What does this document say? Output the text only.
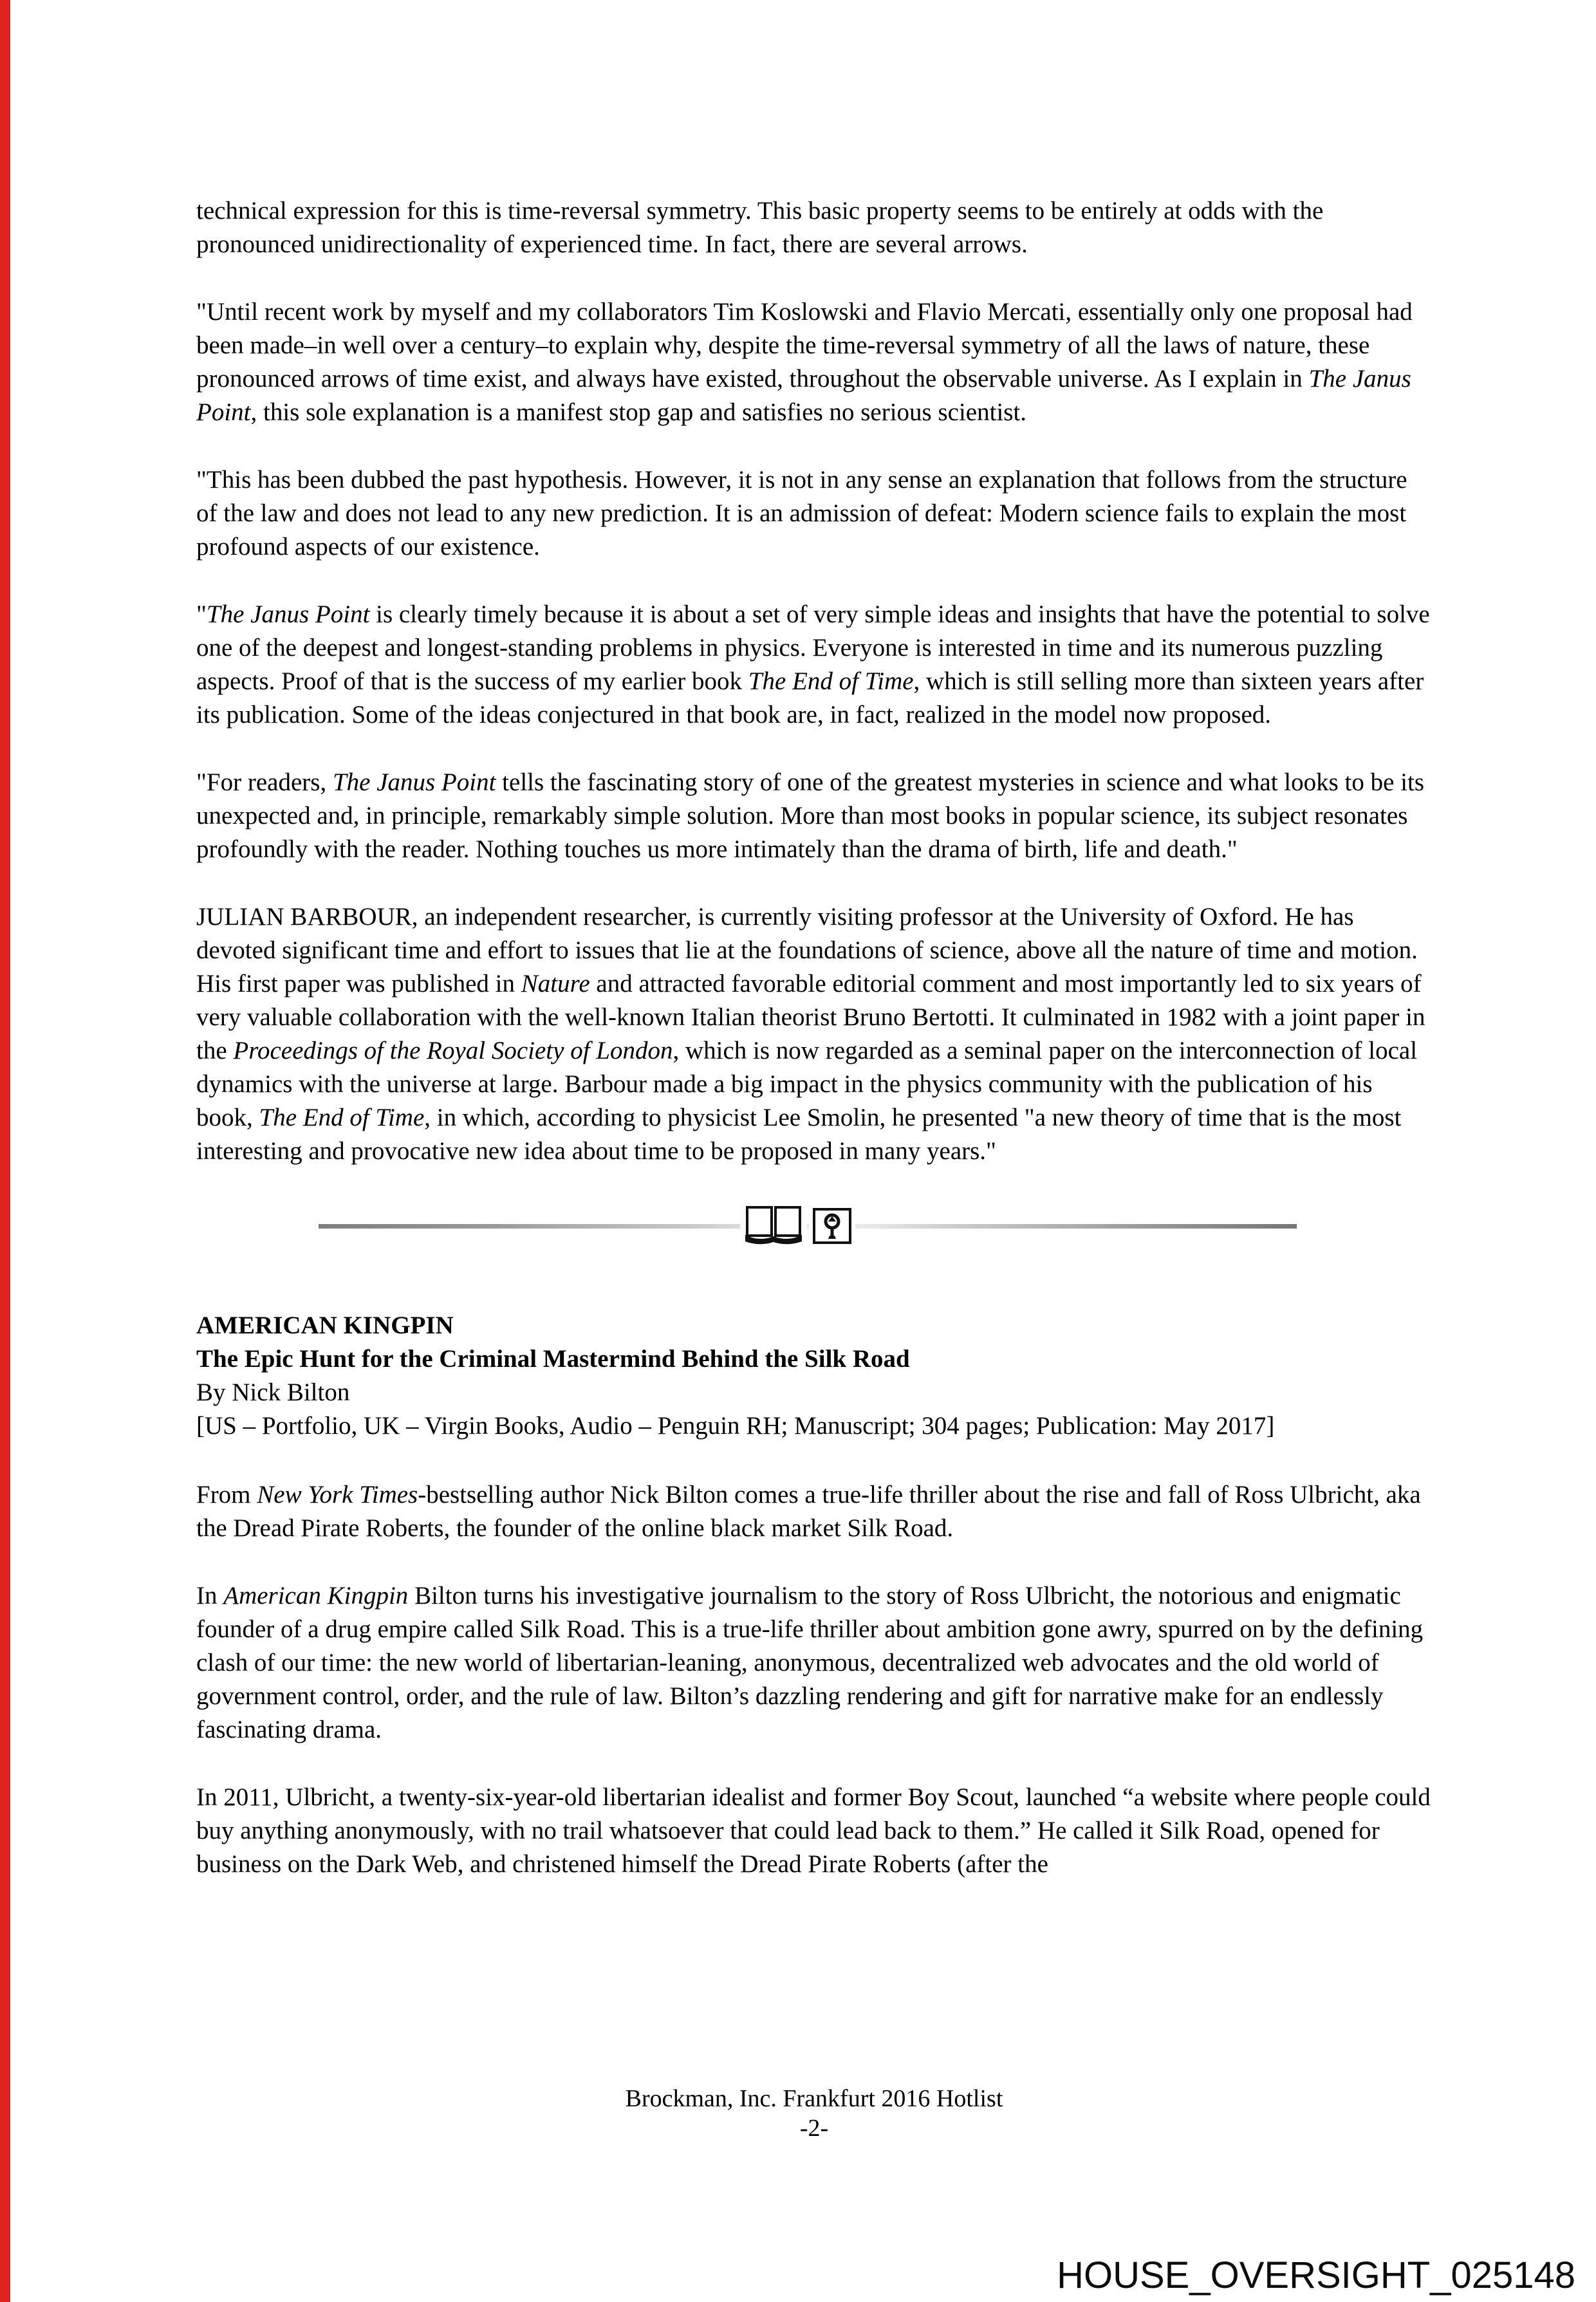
technical expression for this is time-reversal symmetry. This basic property seems to be entirely at odds with the pronounced unidirectionality of experienced time. In fact, there are several arrows.

"Until recent work by myself and my collaborators Tim Koslowski and Flavio Mercati, essentially only one proposal had been made–in well over a century–to explain why, despite the time-reversal symmetry of all the laws of nature, these pronounced arrows of time exist, and always have existed, throughout the observable universe. As I explain in The Janus Point, this sole explanation is a manifest stop gap and satisfies no serious scientist.

"This has been dubbed the past hypothesis. However, it is not in any sense an explanation that follows from the structure of the law and does not lead to any new prediction. It is an admission of defeat: Modern science fails to explain the most profound aspects of our existence.

"The Janus Point is clearly timely because it is about a set of very simple ideas and insights that have the potential to solve one of the deepest and longest-standing problems in physics. Everyone is interested in time and its numerous puzzling aspects. Proof of that is the success of my earlier book The End of Time, which is still selling more than sixteen years after its publication. Some of the ideas conjectured in that book are, in fact, realized in the model now proposed.

"For readers, The Janus Point tells the fascinating story of one of the greatest mysteries in science and what looks to be its unexpected and, in principle, remarkably simple solution. More than most books in popular science, its subject resonates profoundly with the reader. Nothing touches us more intimately than the drama of birth, life and death."

JULIAN BARBOUR, an independent researcher, is currently visiting professor at the University of Oxford. He has devoted significant time and effort to issues that lie at the foundations of science, above all the nature of time and motion. His first paper was published in Nature and attracted favorable editorial comment and most importantly led to six years of very valuable collaboration with the well-known Italian theorist Bruno Bertotti. It culminated in 1982 with a joint paper in the Proceedings of the Royal Society of London, which is now regarded as a seminal paper on the interconnection of local dynamics with the universe at large. Barbour made a big impact in the physics community with the publication of his book, The End of Time, in which, according to physicist Lee Smolin, he presented "a new theory of time that is the most interesting and provocative new idea about time to be proposed in many years."

AMERICAN KINGPIN
The Epic Hunt for the Criminal Mastermind Behind the Silk Road
By Nick Bilton
[US – Portfolio, UK – Virgin Books, Audio – Penguin RH; Manuscript; 304 pages; Publication: May 2017]

From New York Times-bestselling author Nick Bilton comes a true-life thriller about the rise and fall of Ross Ulbricht, aka the Dread Pirate Roberts, the founder of the online black market Silk Road.

In American Kingpin Bilton turns his investigative journalism to the story of Ross Ulbricht, the notorious and enigmatic founder of a drug empire called Silk Road. This is a true-life thriller about ambition gone awry, spurred on by the defining clash of our time: the new world of libertarian-leaning, anonymous, decentralized web advocates and the old world of government control, order, and the rule of law. Bilton’s dazzling rendering and gift for narrative make for an endlessly fascinating drama.

In 2011, Ulbricht, a twenty-six-year-old libertarian idealist and former Boy Scout, launched “a website where people could buy anything anonymously, with no trail whatsoever that could lead back to them.” He called it Silk Road, opened for business on the Dark Web, and christened himself the Dread Pirate Roberts (after the

Brockman, Inc. Frankfurt 2016 Hotlist
-2-
HOUSE_OVERSIGHT_025148
